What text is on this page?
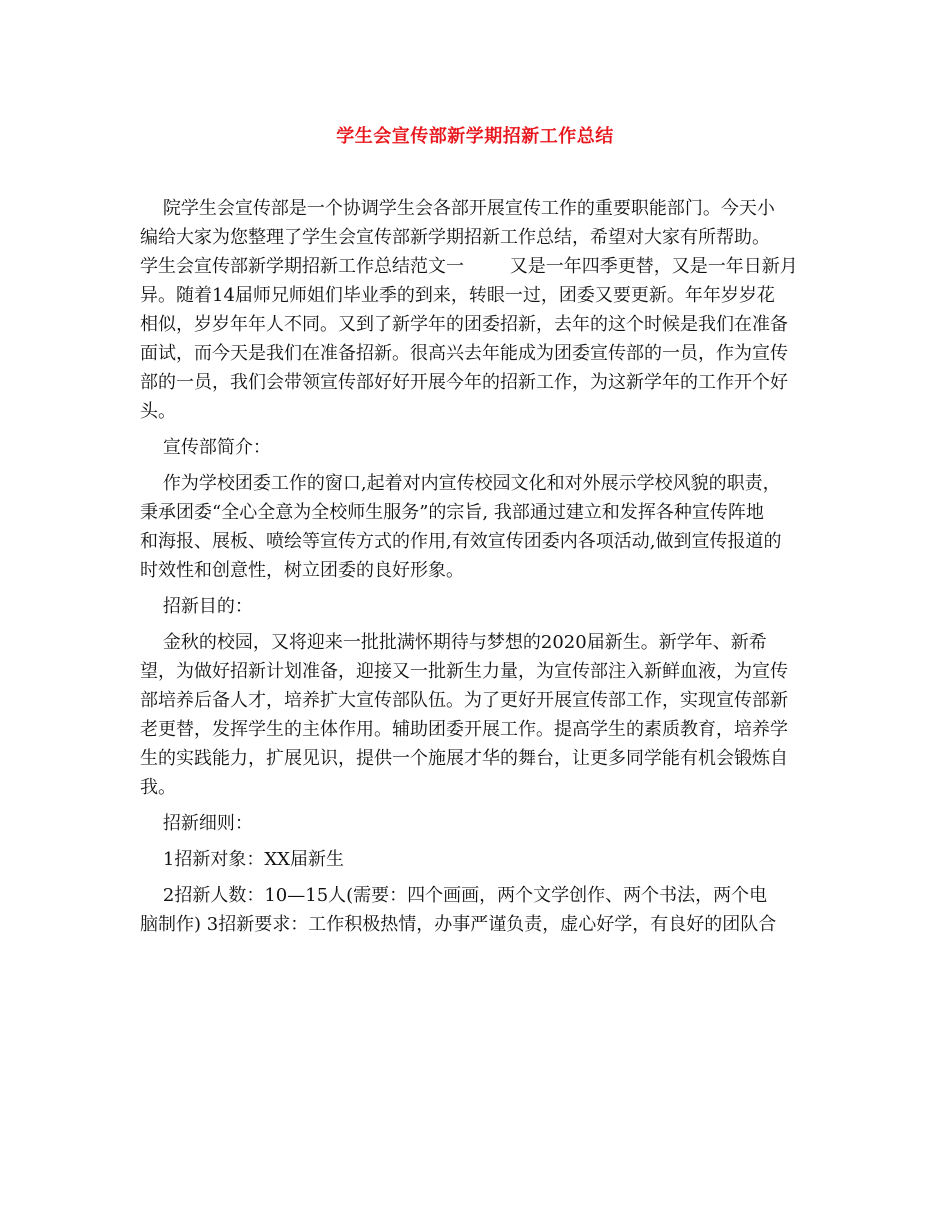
学生会宣传部新学期招新工作总结
院学生会宣传部是一个协调学生会各部开展宣传工作的重要职能部门。今天小
编给大家为您整理了学生会宣传部新学期招新工作总结，希望对大家有所帮助。
学生会宣传部新学期招新工作总结范文一        又是一年四季更替，又是一年日新月
异。随着14届师兄师姐们毕业季的到来，转眼一过，团委又要更新。年年岁岁花
相似，岁岁年年人不同。又到了新学年的团委招新，去年的这个时候是我们在准备
面试，而今天是我们在准备招新。很高兴去年能成为团委宣传部的一员，作为宣传
部的一员，我们会带领宣传部好好开展今年的招新工作，为这新学年的工作开个好
头。
宣传部简介：
作为学校团委工作的窗口,起着对内宣传校园文化和对外展示学校风貌的职责，
秉承团委“全心全意为全校师生服务”的宗旨, 我部通过建立和发挥各种宣传阵地
和海报、展板、喷绘等宣传方式的作用,有效宣传团委内各项活动,做到宣传报道的
时效性和创意性，树立团委的良好形象。
招新目的：
金秋的校园，又将迎来一批批满怀期待与梦想的2020届新生。新学年、新希
望，为做好招新计划准备，迎接又一批新生力量，为宣传部注入新鲜血液，为宣传
部培养后备人才，培养扩大宣传部队伍。为了更好开展宣传部工作，实现宣传部新
老更替，发挥学生的主体作用。辅助团委开展工作。提高学生的素质教育，培养学
生的实践能力，扩展见识，提供一个施展才华的舞台，让更多同学能有机会锻炼自
我。
招新细则：
1招新对象：XX届新生
2招新人数：10—15人(需要：四个画画，两个文学创作、两个书法，两个电
脑制作) 3招新要求：工作积极热情，办事严谨负责，虚心好学，有良好的团队合
